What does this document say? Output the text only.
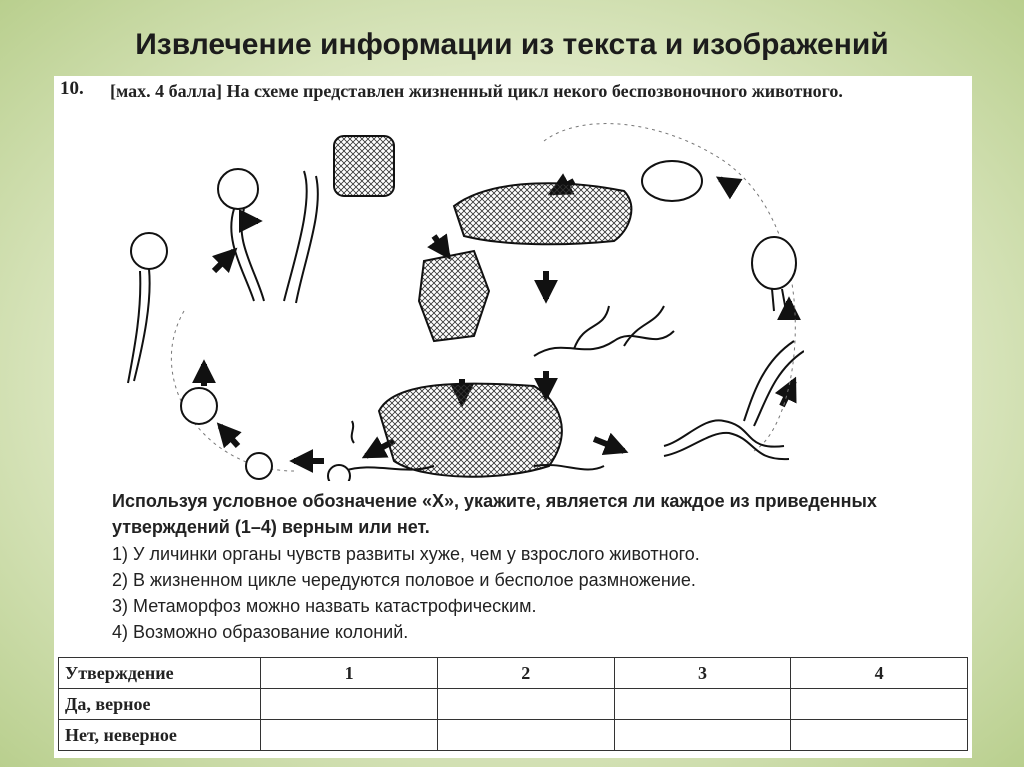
Извлечение информации из текста и изображений
10. [мах. 4 балла] На схеме представлен жизненный цикл некого беспозвоночного животного.
Используя условное обозначение «Х», укажите, является ли каждое из приведенных утверждений (1–4) верным или нет.
1) У личинки органы чувств развиты хуже, чем у взрослого животного.
2) В жизненном цикле чередуются половое и бесполое размножение.
3) Метаморфоз можно назвать катастрофическим.
4) Возможно образование колоний.
Утверждение	1	2	3	4
Да, верное				
Нет, неверное				
